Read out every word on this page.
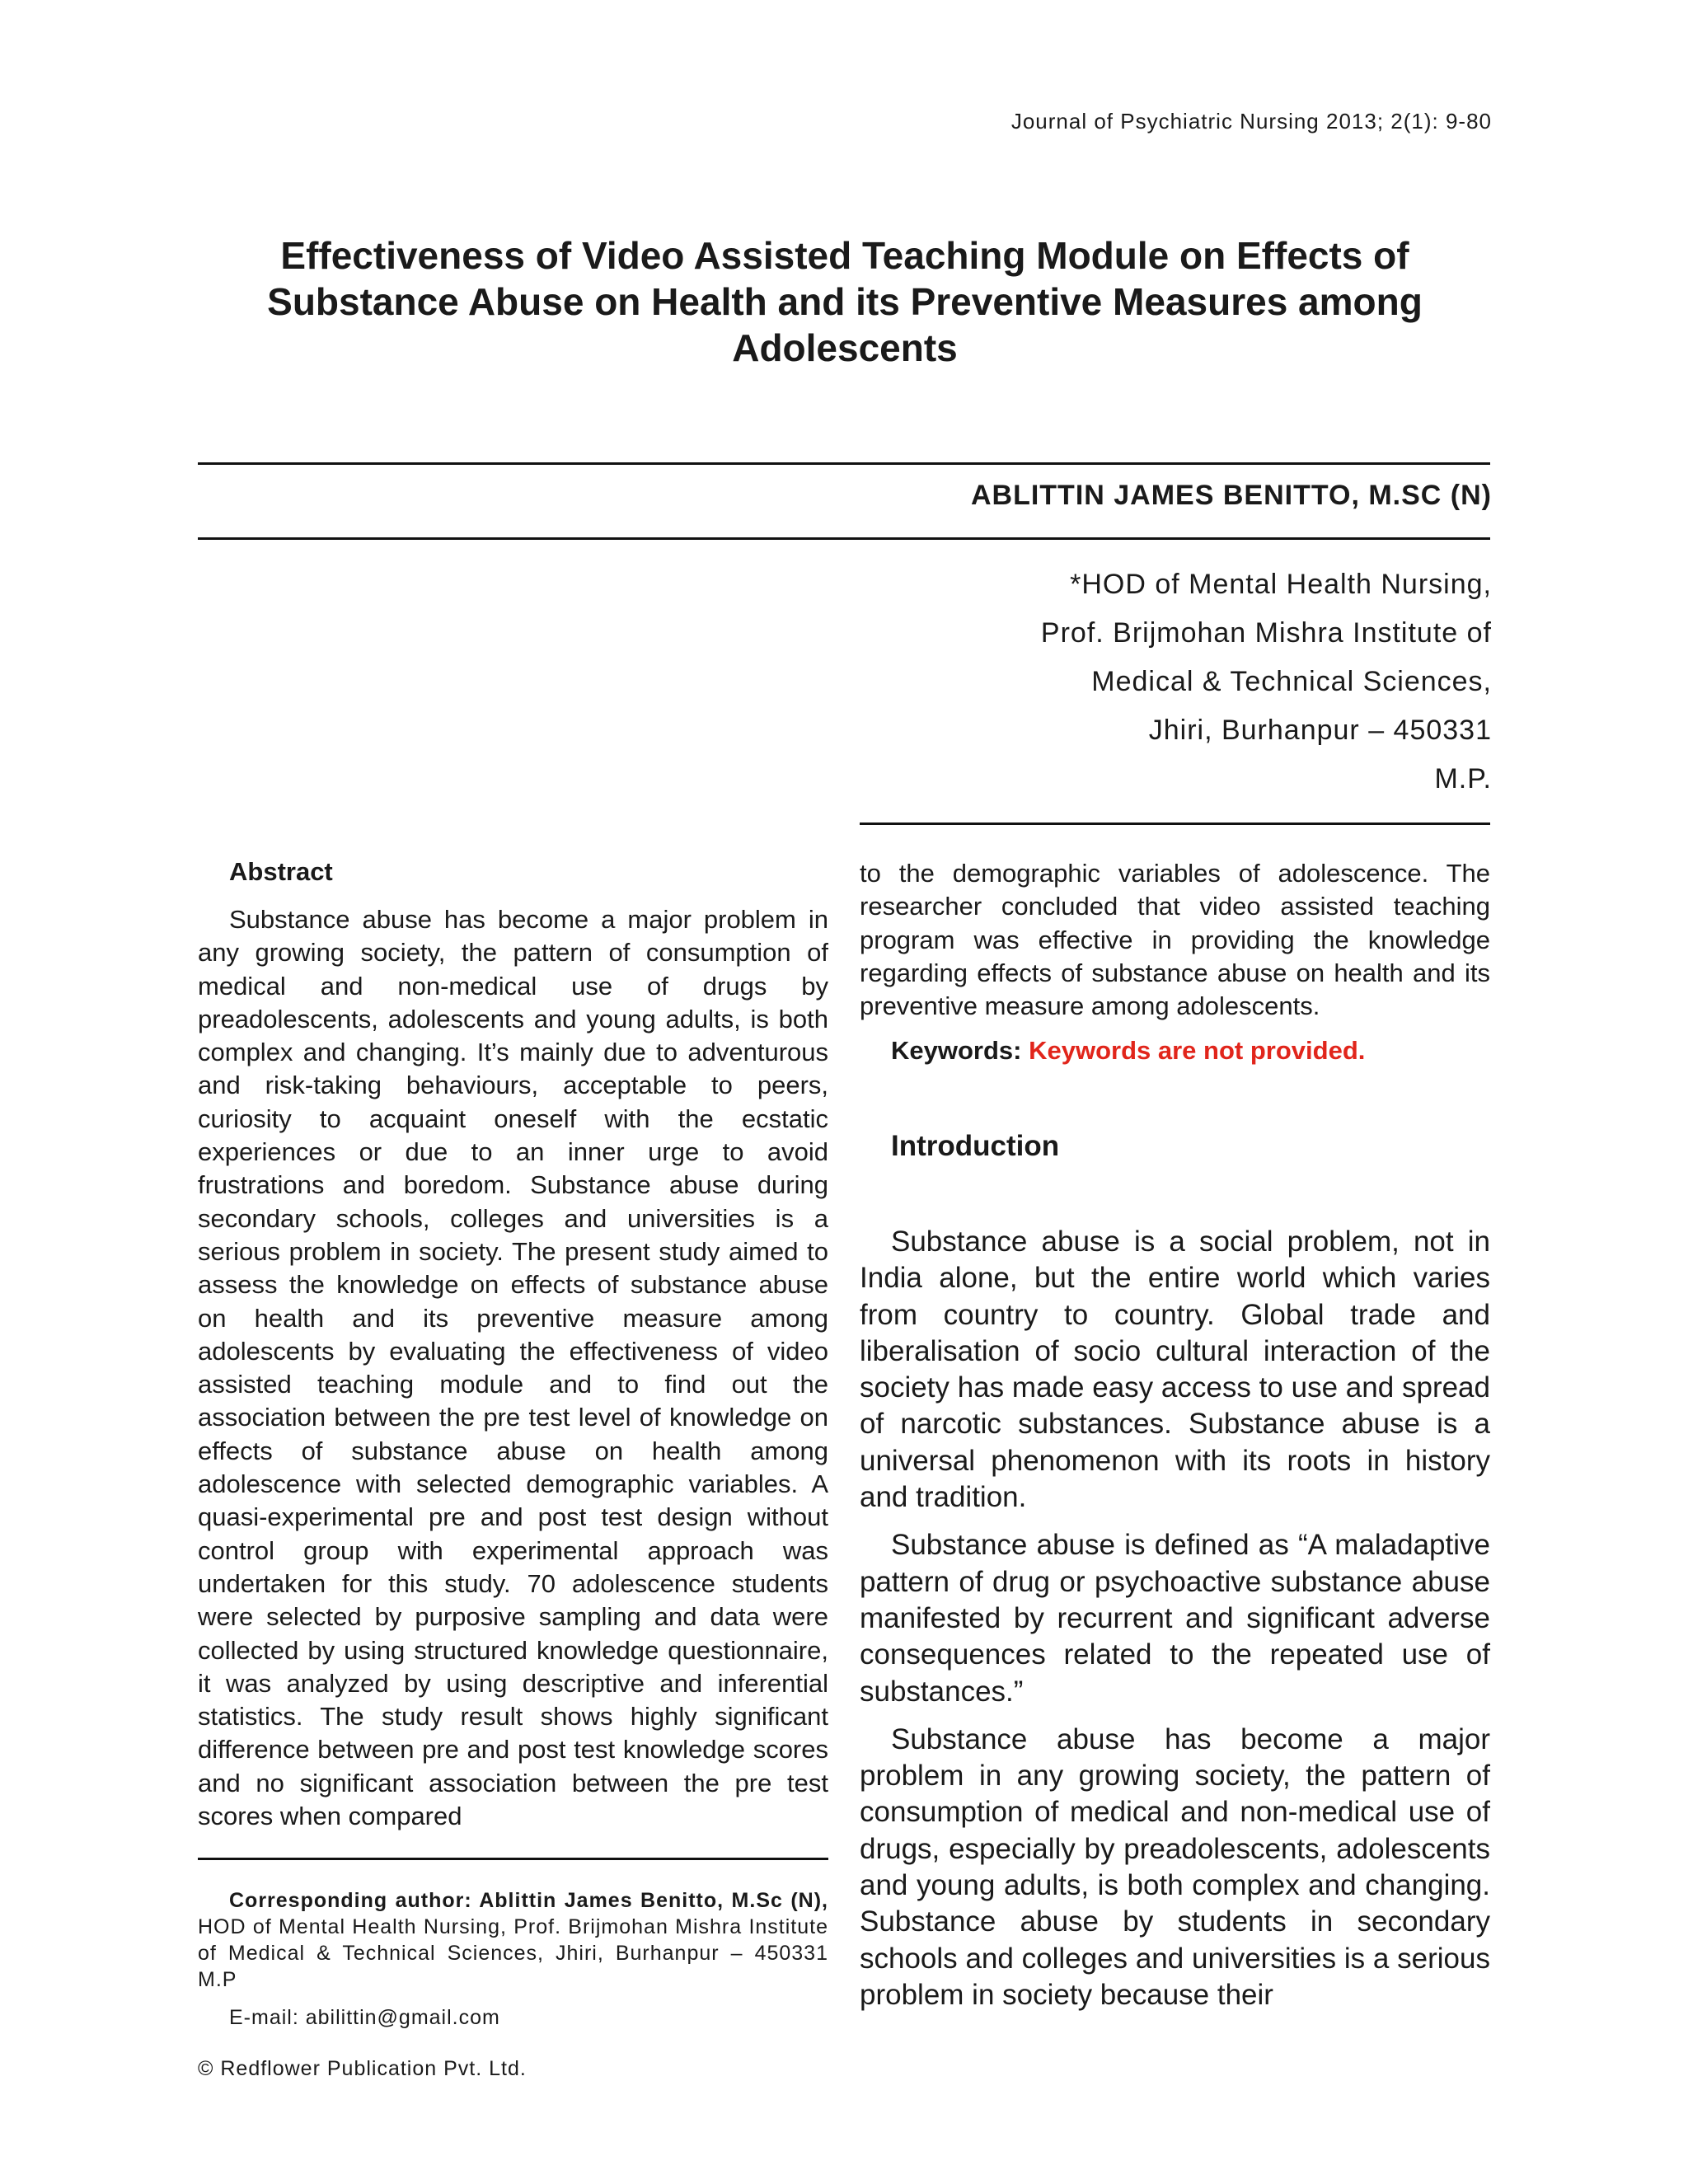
Journal of Psychiatric Nursing 2013; 2(1): 9-80
Effectiveness of Video Assisted Teaching Module on Effects of Substance Abuse on Health and its Preventive Measures among Adolescents
ABLITTIN JAMES BENITTO, M.SC (N)
*HOD of Mental Health Nursing,
Prof. Brijmohan Mishra Institute of
Medical & Technical Sciences,
Jhiri, Burhanpur – 450331
M.P.
Abstract

Substance abuse has become a major problem in any growing society, the pattern of consumption of medical and non-medical use of drugs by preadolescents, adolescents and young adults, is both complex and changing. It’s mainly due to adventurous and risk-taking behaviours, acceptable to peers, curiosity to acquaint oneself with the ecstatic experiences or due to an inner urge to avoid frustrations and boredom. Substance abuse during secondary schools, colleges and universities is a serious problem in society. The present study aimed to assess the knowledge on effects of substance abuse on health and its preventive measure among adolescents by evaluating the effectiveness of video assisted teaching module and to find out the association between the pre test level of knowledge on effects of substance abuse on health among adolescence with selected demographic variables. A quasi-experimental pre and post test design without control group with experimental approach was undertaken for this study. 70 adolescence students were selected by purposive sampling and data were collected by using structured knowledge questionnaire, it was analyzed by using descriptive and inferential statistics. The study result shows highly significant difference between pre and post test knowledge scores and no significant association between the pre test scores when compared

to the demographic variables of adolescence. The researcher concluded that video assisted teaching program was effective in providing the knowledge regarding effects of substance abuse on health and its preventive measure among adolescents.

Keywords: Keywords are not provided.
Introduction

Substance abuse is a social problem, not in India alone, but the entire world which varies from country to country. Global trade and liberalisation of socio cultural interaction of the society has made easy access to use and spread of narcotic substances. Substance abuse is a universal phenomenon with its roots in history and tradition.

Substance abuse is defined as “A maladaptive pattern of drug or psychoactive substance abuse manifested by recurrent and significant adverse consequences related to the repeated use of substances.”

Substance abuse has become a major problem in any growing society, the pattern of consumption of medical and non-medical use of drugs, especially by preadolescents, adolescents and young adults, is both complex and changing. Substance abuse by students in secondary schools and colleges and universities is a serious problem in society because their

Corresponding author: Ablittin James Benitto, M.Sc (N), HOD of Mental Health Nursing, Prof. Brijmohan Mishra Institute of Medical & Technical Sciences, Jhiri, Burhanpur – 450331 M.P

E-mail: abilittin@gmail.com
© Redflower Publication Pvt. Ltd.
